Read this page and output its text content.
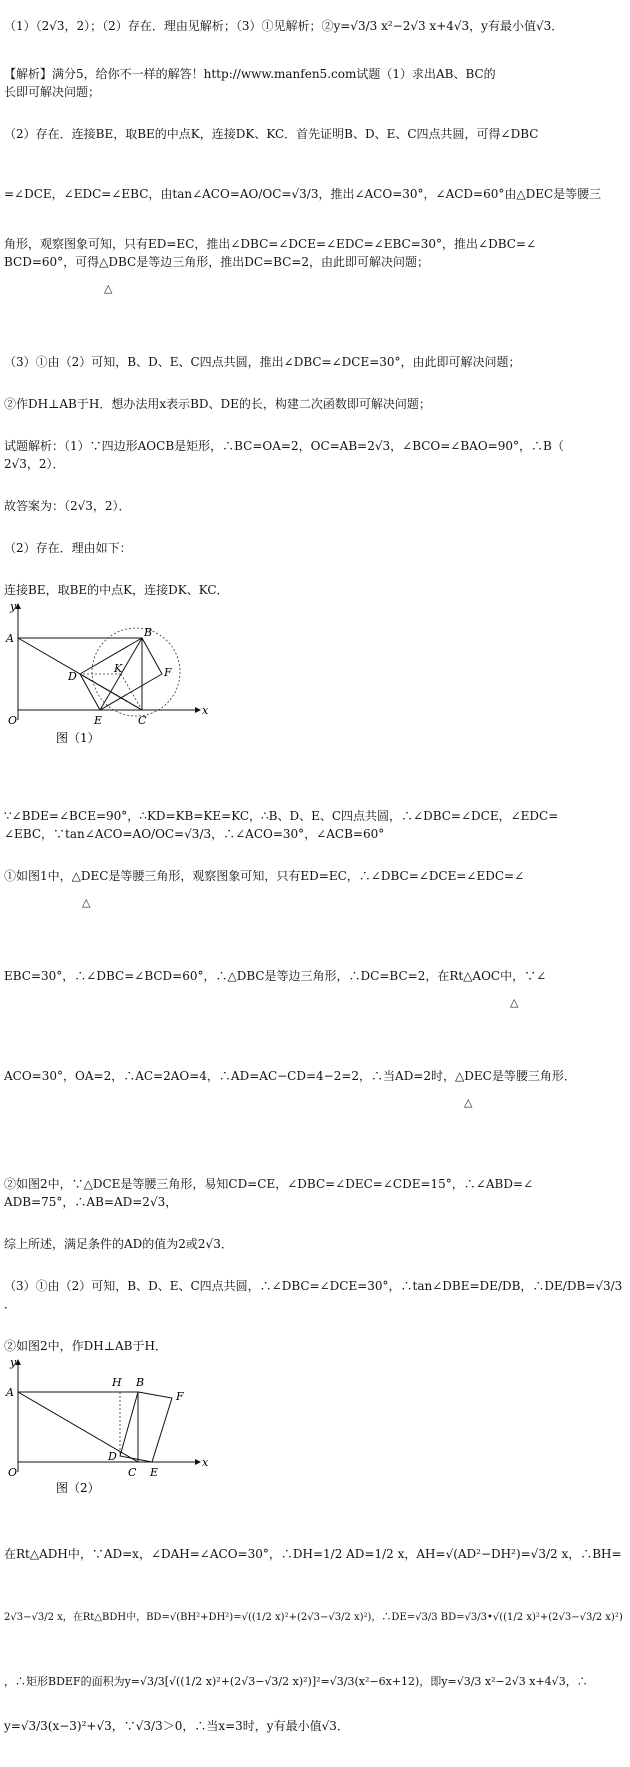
（1）（2√3，2）；（2）存在．理由见解析；（3）①见解析；②y=√3/3 x²−2√3 x+4√3，y有最小值√3．
【解析】满分5，给你不一样的解答！http://www.manfen5.com试题（1）求出AB、BC的
长即可解决问题；
（2）存在．连接BE，取BE的中点K，连接DK、KC．首先证明B、D、E、C四点共圆，可得∠DBC
=∠DCE，∠EDC=∠EBC，由tan∠ACO=AO/OC=√3/3，推出∠ACO=30°，∠ACD=60°由△DEC是等腰三
角形，观察图象可知，只有ED=EC，推出∠DBC=∠DCE=∠EDC=∠EBC=30°，推出∠DBC=∠
BCD=60°，可得△DBC是等边三角形，推出DC=BC=2，由此即可解决问题；
△
（3）①由（2）可知，B、D、E、C四点共圆，推出∠DBC=∠DCE=30°，由此即可解决问题；
②作DH⊥AB于H．想办法用x表示BD、DE的长，构建二次函数即可解决问题；
试题解析：（1）∵四边形AOCB是矩形，∴BC=OA=2，OC=AB=2√3，∠BCO=∠BAO=90°，∴B（
2√3，2）．
故答案为：（2√3，2）．
（2）存在．理由如下：
连接BE，取BE的中点K，连接DK、KC．
y
A	B
K
D	F
O	E	C
x
图（1）
∵∠BDE=∠BCE=90°，∴KD=KB=KE=KC，∴B、D、E、C四点共圆，∴∠DBC=∠DCE，∠EDC=
∠EBC，∵tan∠ACO=AO/OC=√3/3，∴∠ACO=30°，∠ACB=60°
①如图1中，△DEC是等腰三角形，观察图象可知，只有ED=EC，∴∠DBC=∠DCE=∠EDC=∠
△
EBC=30°，∴∠DBC=∠BCD=60°，∴△DBC是等边三角形，∴DC=BC=2，在Rt△AOC中，∵∠
△
ACO=30°，OA=2，∴AC=2AO=4，∴AD=AC−CD=4−2=2，∴当AD=2时，△DEC是等腰三角形．
△
②如图2中，∵△DCE是等腰三角形，易知CD=CE，∠DBC=∠DEC=∠CDE=15°，∴∠ABD=∠
ADB=75°，∴AB=AD=2√3，
综上所述，满足条件的AD的值为2或2√3．
（3）①由（2）可知，B、D、E、C四点共圆，∴∠DBC=∠DCE=30°，∴tan∠DBE=DE/DB，∴DE/DB=√3/3
．
②如图2中，作DH⊥AB于H．
y
A
H B
F
D
O	C E
x
图（2）
在Rt△ADH中，∵AD=x，∠DAH=∠ACO=30°，∴DH=1/2 AD=1/2 x，AH=√(AD²−DH²)=√3/2 x，∴BH=
2√3−√3/2 x，在Rt△BDH中，BD=√(BH²+DH²)=√((1/2 x)²+(2√3−√3/2 x)²)，∴DE=√3/3 BD=√3/3•√((1/2 x)²+(2√3−√3/2 x)²)
，∴矩形BDEF的面积为y=√3/3[√((1/2 x)²+(2√3−√3/2 x)²)]²=√3/3(x²−6x+12)，即y=√3/3 x²−2√3 x+4√3，∴
y=√3/3(x−3)²+√3，∵√3/3＞0，∴当x=3时，y有最小值√3．
